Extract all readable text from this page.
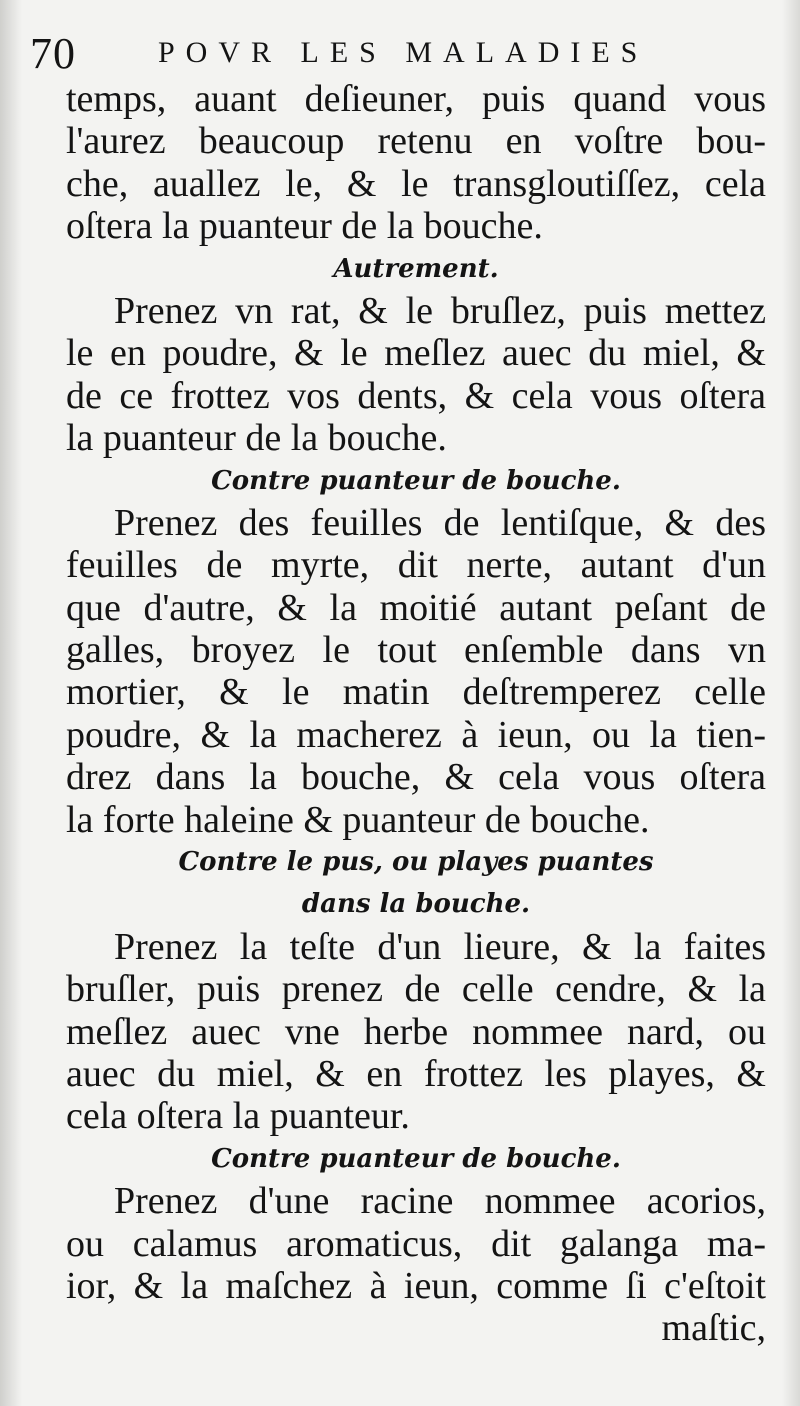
70	POVR LES MALADIES
temps, auant deſieuner, puis quand vous
l'aurez beaucoup retenu en voſtre bou-
che, auallez le, & le transgloutiſſez, cela
oſtera la puanteur de la bouche.
Autrement.
Prenez vn rat, & le bruſlez, puis mettez
le en poudre, & le meſlez auec du miel, &
de ce frottez vos dents, & cela vous oſtera
la puanteur de la bouche.
Contre puanteur de bouche.
Prenez des feuilles de lentiſque, & des
feuilles de myrte, dit nerte, autant d'un
que d'autre, & la moitié autant peſant de
galles, broyez le tout enſemble dans vn
mortier, & le matin deſtremperez celle
poudre, & la macherez à ieun, ou la tien-
drez dans la bouche, & cela vous oſtera
la forte haleine & puanteur de bouche.
Contre le pus, ou playes puantes
dans la bouche.
Prenez la teſte d'un lieure, & la faites
bruſler, puis prenez de celle cendre, & la
meſlez auec vne herbe nommee nard, ou
auec du miel, & en frottez les playes, &
cela oſtera la puanteur.
Contre puanteur de bouche.
Prenez d'une racine nommee acorios,
ou calamus aromaticus, dit galanga ma-
ior, & la maſchez à ieun, comme ſi c'eſtoit
maſtic,
